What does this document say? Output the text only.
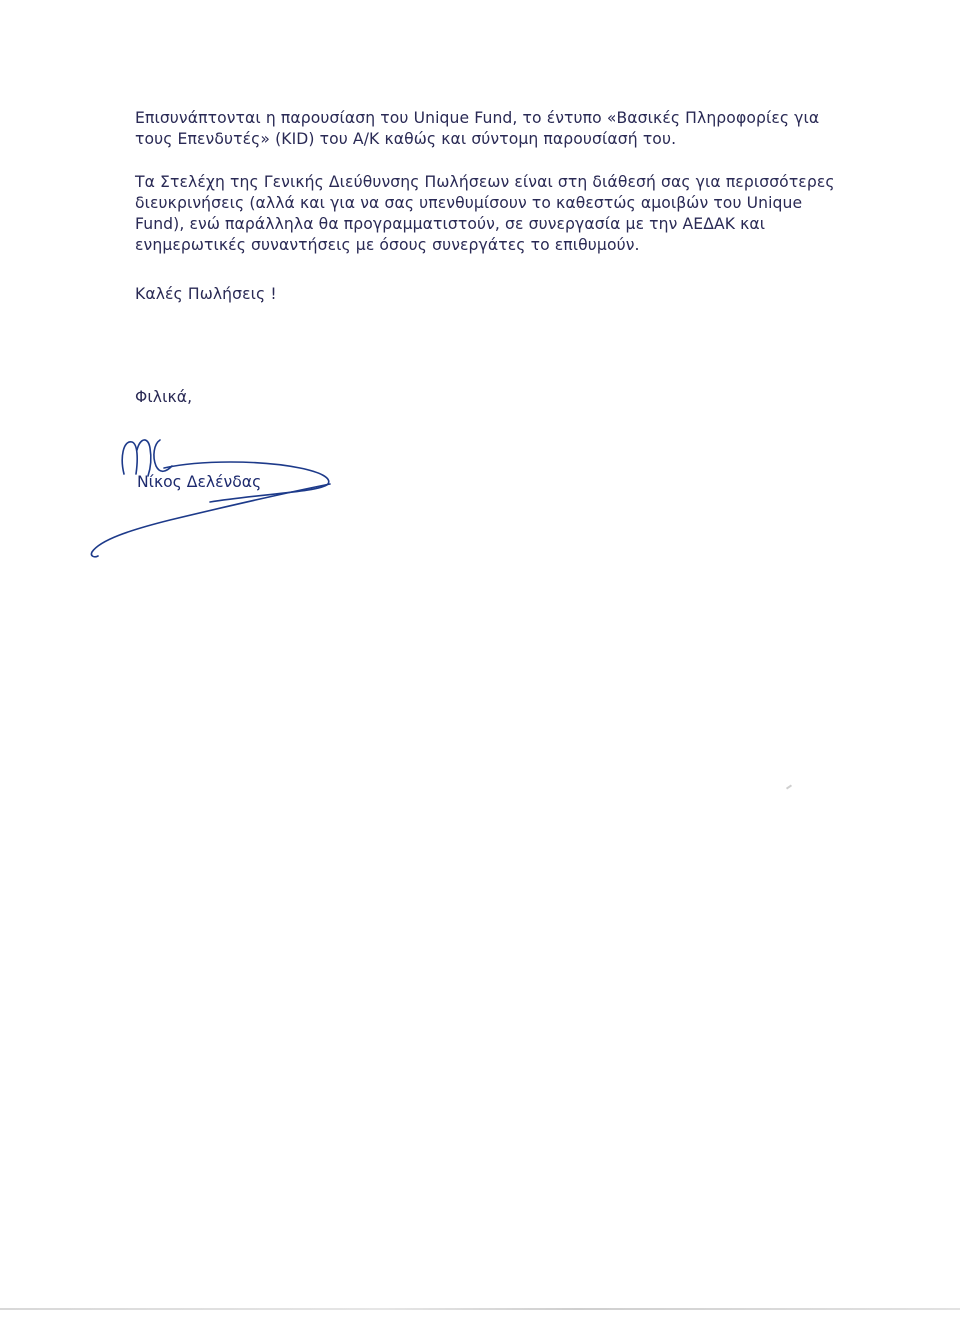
Επισυνάπτονται η παρουσίαση του Unique Fund, το έντυπο «Βασικές Πληροφορίες για
τους Επενδυτές» (KID) του Α/Κ καθώς και σύντομη παρουσίασή του.
Τα Στελέχη της Γενικής Διεύθυνσης Πωλήσεων είναι στη διάθεσή σας για περισσότερες
διευκρινήσεις (αλλά και για να σας υπενθυμίσουν το καθεστώς αμοιβών του Unique
Fund), ενώ παράλληλα θα προγραμματιστούν, σε συνεργασία με την ΑΕΔΑΚ και
ενημερωτικές συναντήσεις με όσους συνεργάτες το επιθυμούν.
Καλές Πωλήσεις !
Φιλικά,
Νίκος Δελένδας
